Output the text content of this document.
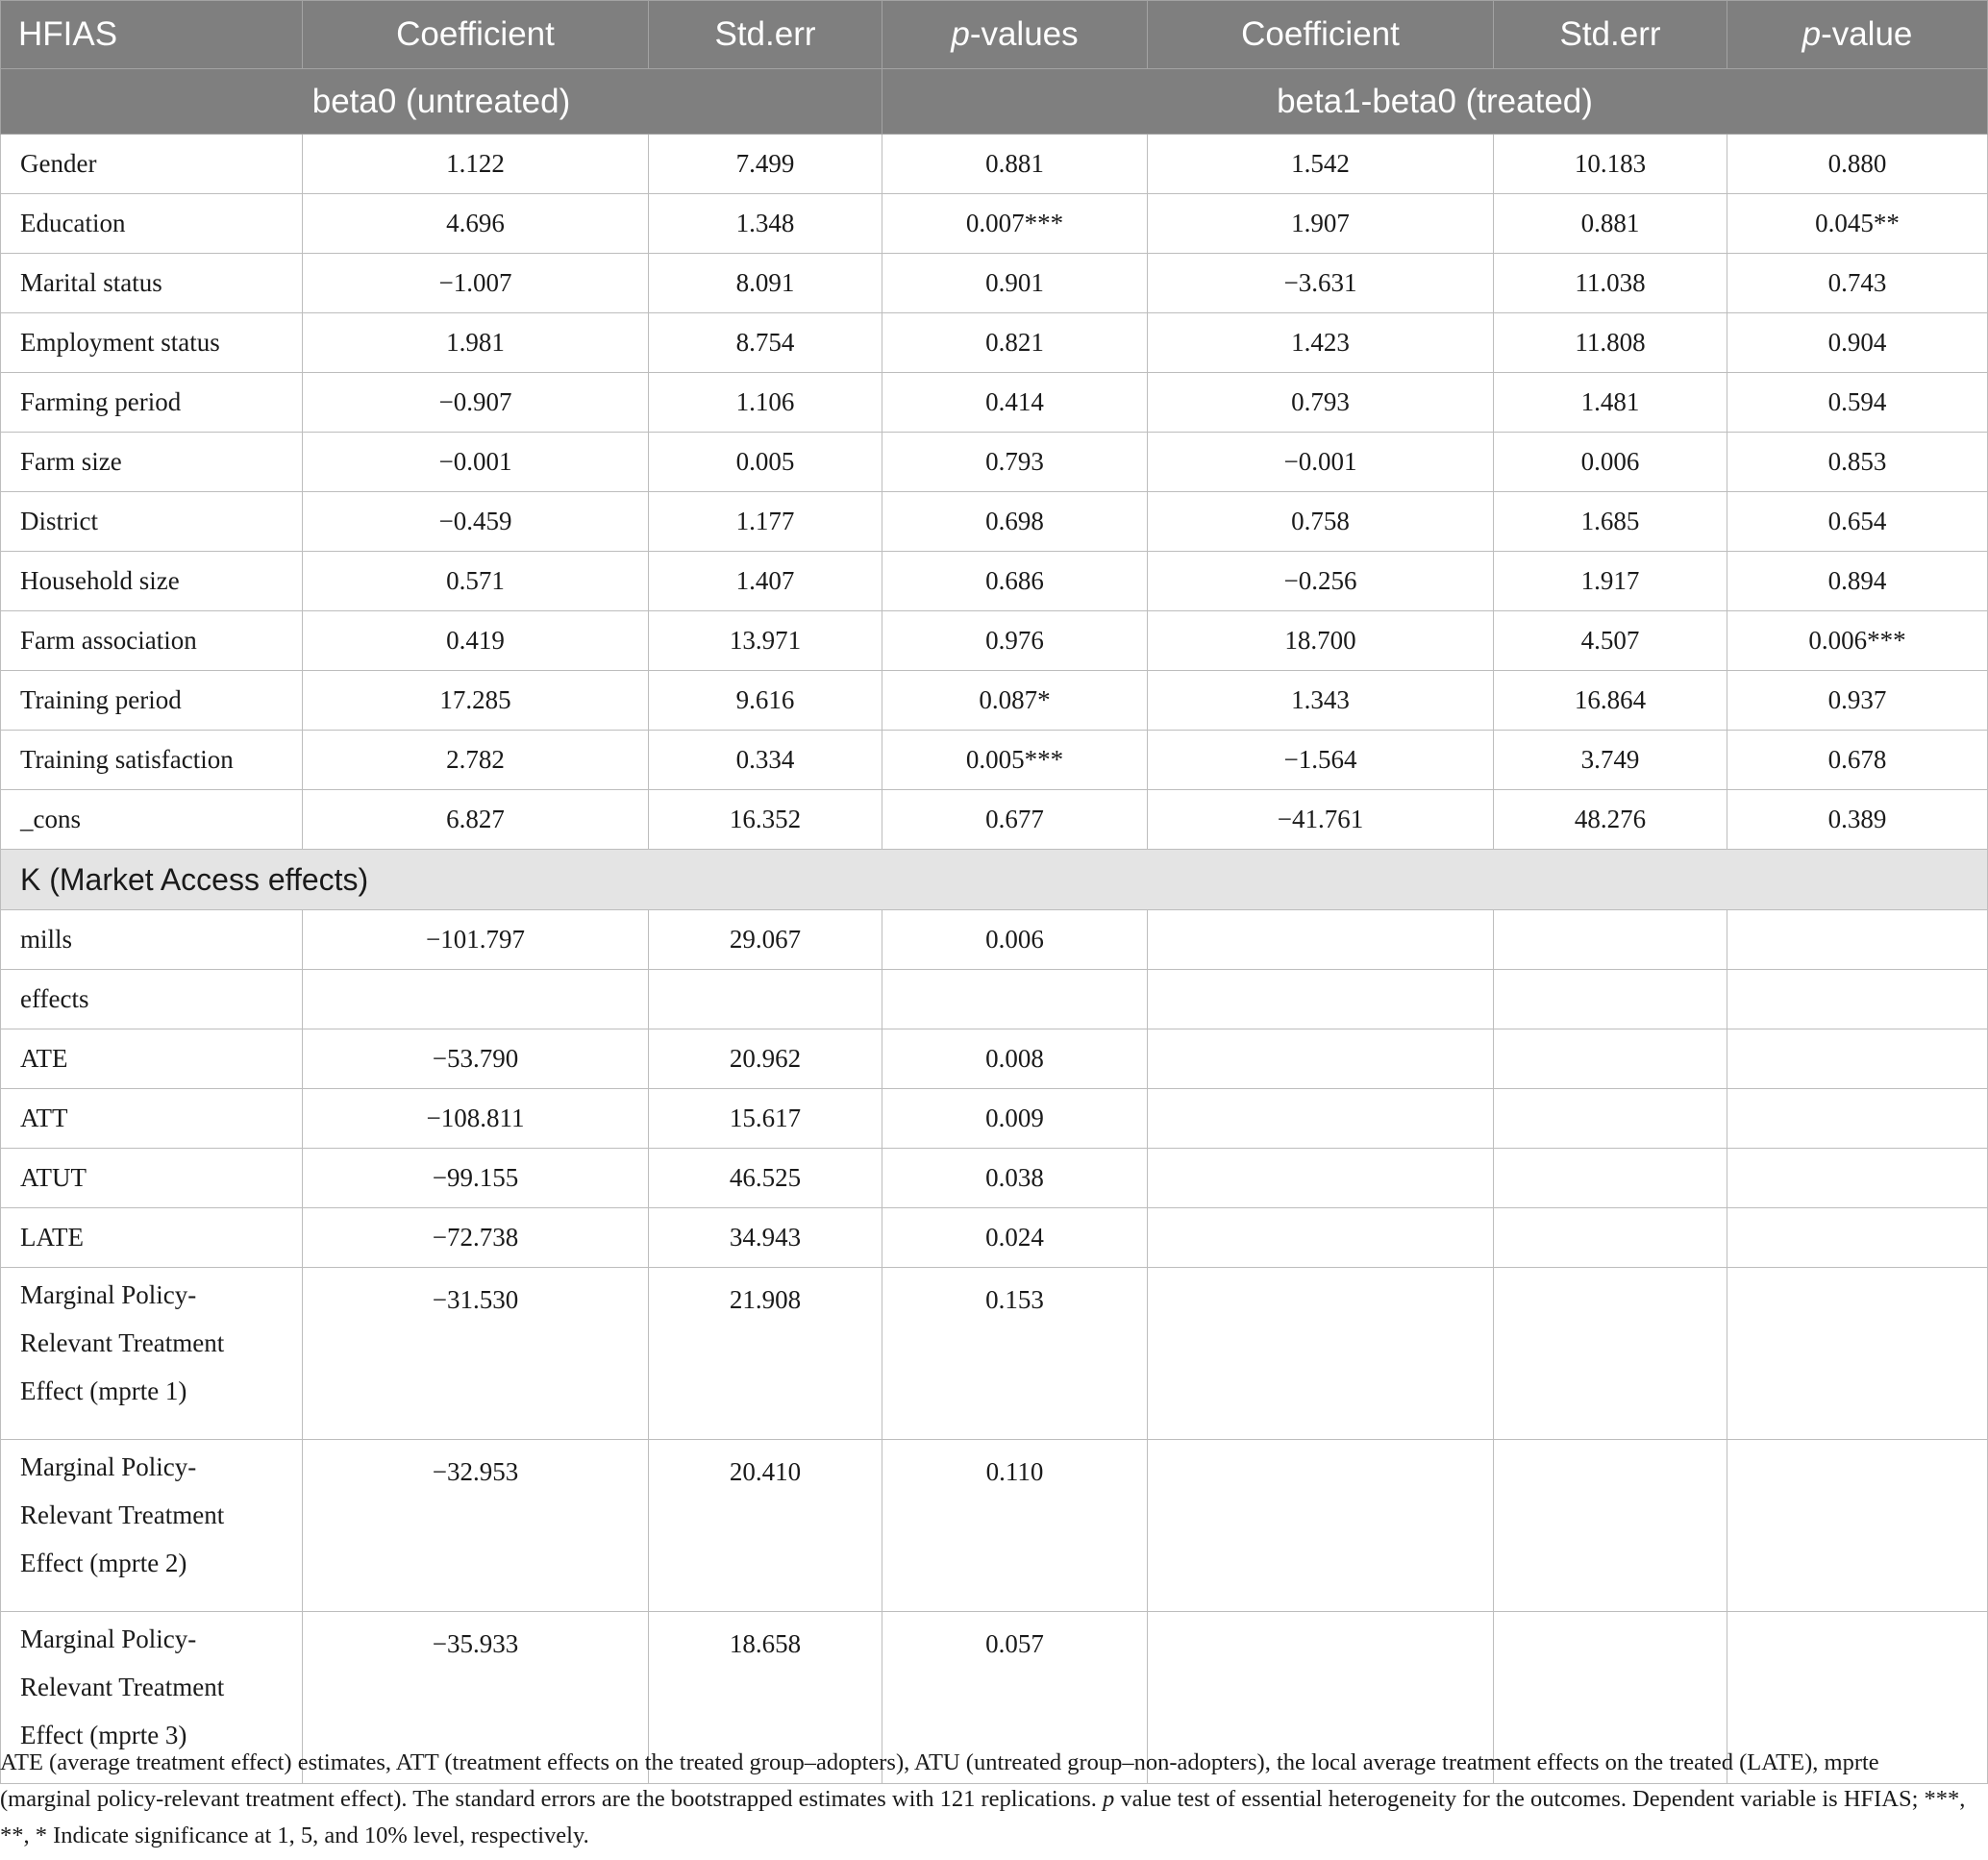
HFIAS	Coefficient	Std.err	p-values	Coefficient	Std.err	p-value
beta0 (untreated)			beta1-beta0 (treated)			
Gender	1.122	7.499	0.881	1.542	10.183	0.880
Education	4.696	1.348	0.007***	1.907	0.881	0.045**
Marital status	−1.007	8.091	0.901	−3.631	11.038	0.743
Employment status	1.981	8.754	0.821	1.423	11.808	0.904
Farming period	−0.907	1.106	0.414	0.793	1.481	0.594
Farm size	−0.001	0.005	0.793	−0.001	0.006	0.853
District	−0.459	1.177	0.698	0.758	1.685	0.654
Household size	0.571	1.407	0.686	−0.256	1.917	0.894
Farm association	0.419	13.971	0.976	18.700	4.507	0.006***
Training period	17.285	9.616	0.087*	1.343	16.864	0.937
Training satisfaction	2.782	0.334	0.005***	−1.564	3.749	0.678
_cons	6.827	16.352	0.677	−41.761	48.276	0.389
K (Market Access effects)						
mills	−101.797	29.067	0.006			
effects						
ATE	−53.790	20.962	0.008			
ATT	−108.811	15.617	0.009			
ATUT	−99.155	46.525	0.038			
LATE	−72.738	34.943	0.024			

Marginal Policy-
Relevant Treatment
Effect (mprte 1)	−31.530	21.908	0.153			

Marginal Policy-
Relevant Treatment
Effect (mprte 2)	−32.953	20.410	0.110			

Marginal Policy-
Relevant Treatment
Effect (mprte 3)	−35.933	18.658	0.057			
ATE (average treatment effect) estimates, ATT (treatment effects on the treated group–adopters), ATU (untreated group–non-adopters), the local average treatment effects on the treated (LATE), mprte (marginal policy-relevant treatment effect). The standard errors are the bootstrapped estimates with 121 replications. p value test of essential heterogeneity for the outcomes. Dependent variable is HFIAS; ***, **, * Indicate significance at 1, 5, and 10% level, respectively.
